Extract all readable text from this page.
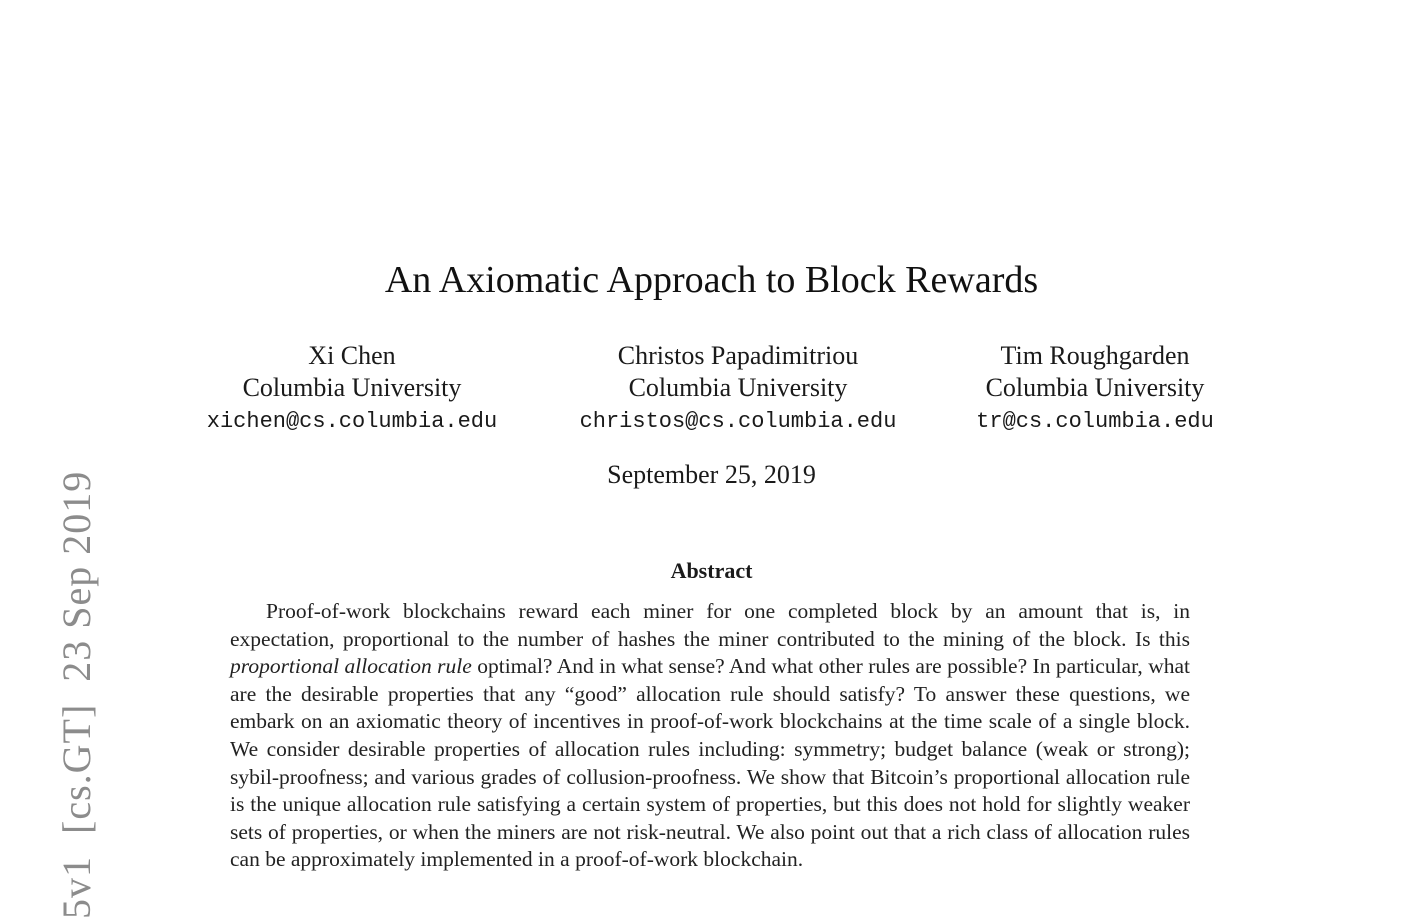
5v1[cs.GT]23 Sep 2019
An Axiomatic Approach to Block Rewards
Xi Chen
Columbia University
xichen@cs.columbia.edu
Christos Papadimitriou
Columbia University
christos@cs.columbia.edu
Tim Roughgarden
Columbia University
tr@cs.columbia.edu
September 25, 2019
Abstract
Proof-of-work blockchains reward each miner for one completed block by an amount that is, in expectation, proportional to the number of hashes the miner contributed to the mining of the block. Is this proportional allocation rule optimal? And in what sense? And what other rules are possible? In particular, what are the desirable properties that any “good” allocation rule should satisfy? To answer these questions, we embark on an axiomatic theory of incentives in proof-of-work blockchains at the time scale of a single block. We consider desirable properties of allocation rules including: symmetry; budget balance (weak or strong); sybil-proofness; and various grades of collusion-proofness. We show that Bitcoin’s proportional allocation rule is the unique allocation rule satisfying a certain system of properties, but this does not hold for slightly weaker sets of properties, or when the miners are not risk-neutral. We also point out that a rich class of allocation rules can be approximately implemented in a proof-of-work blockchain.
